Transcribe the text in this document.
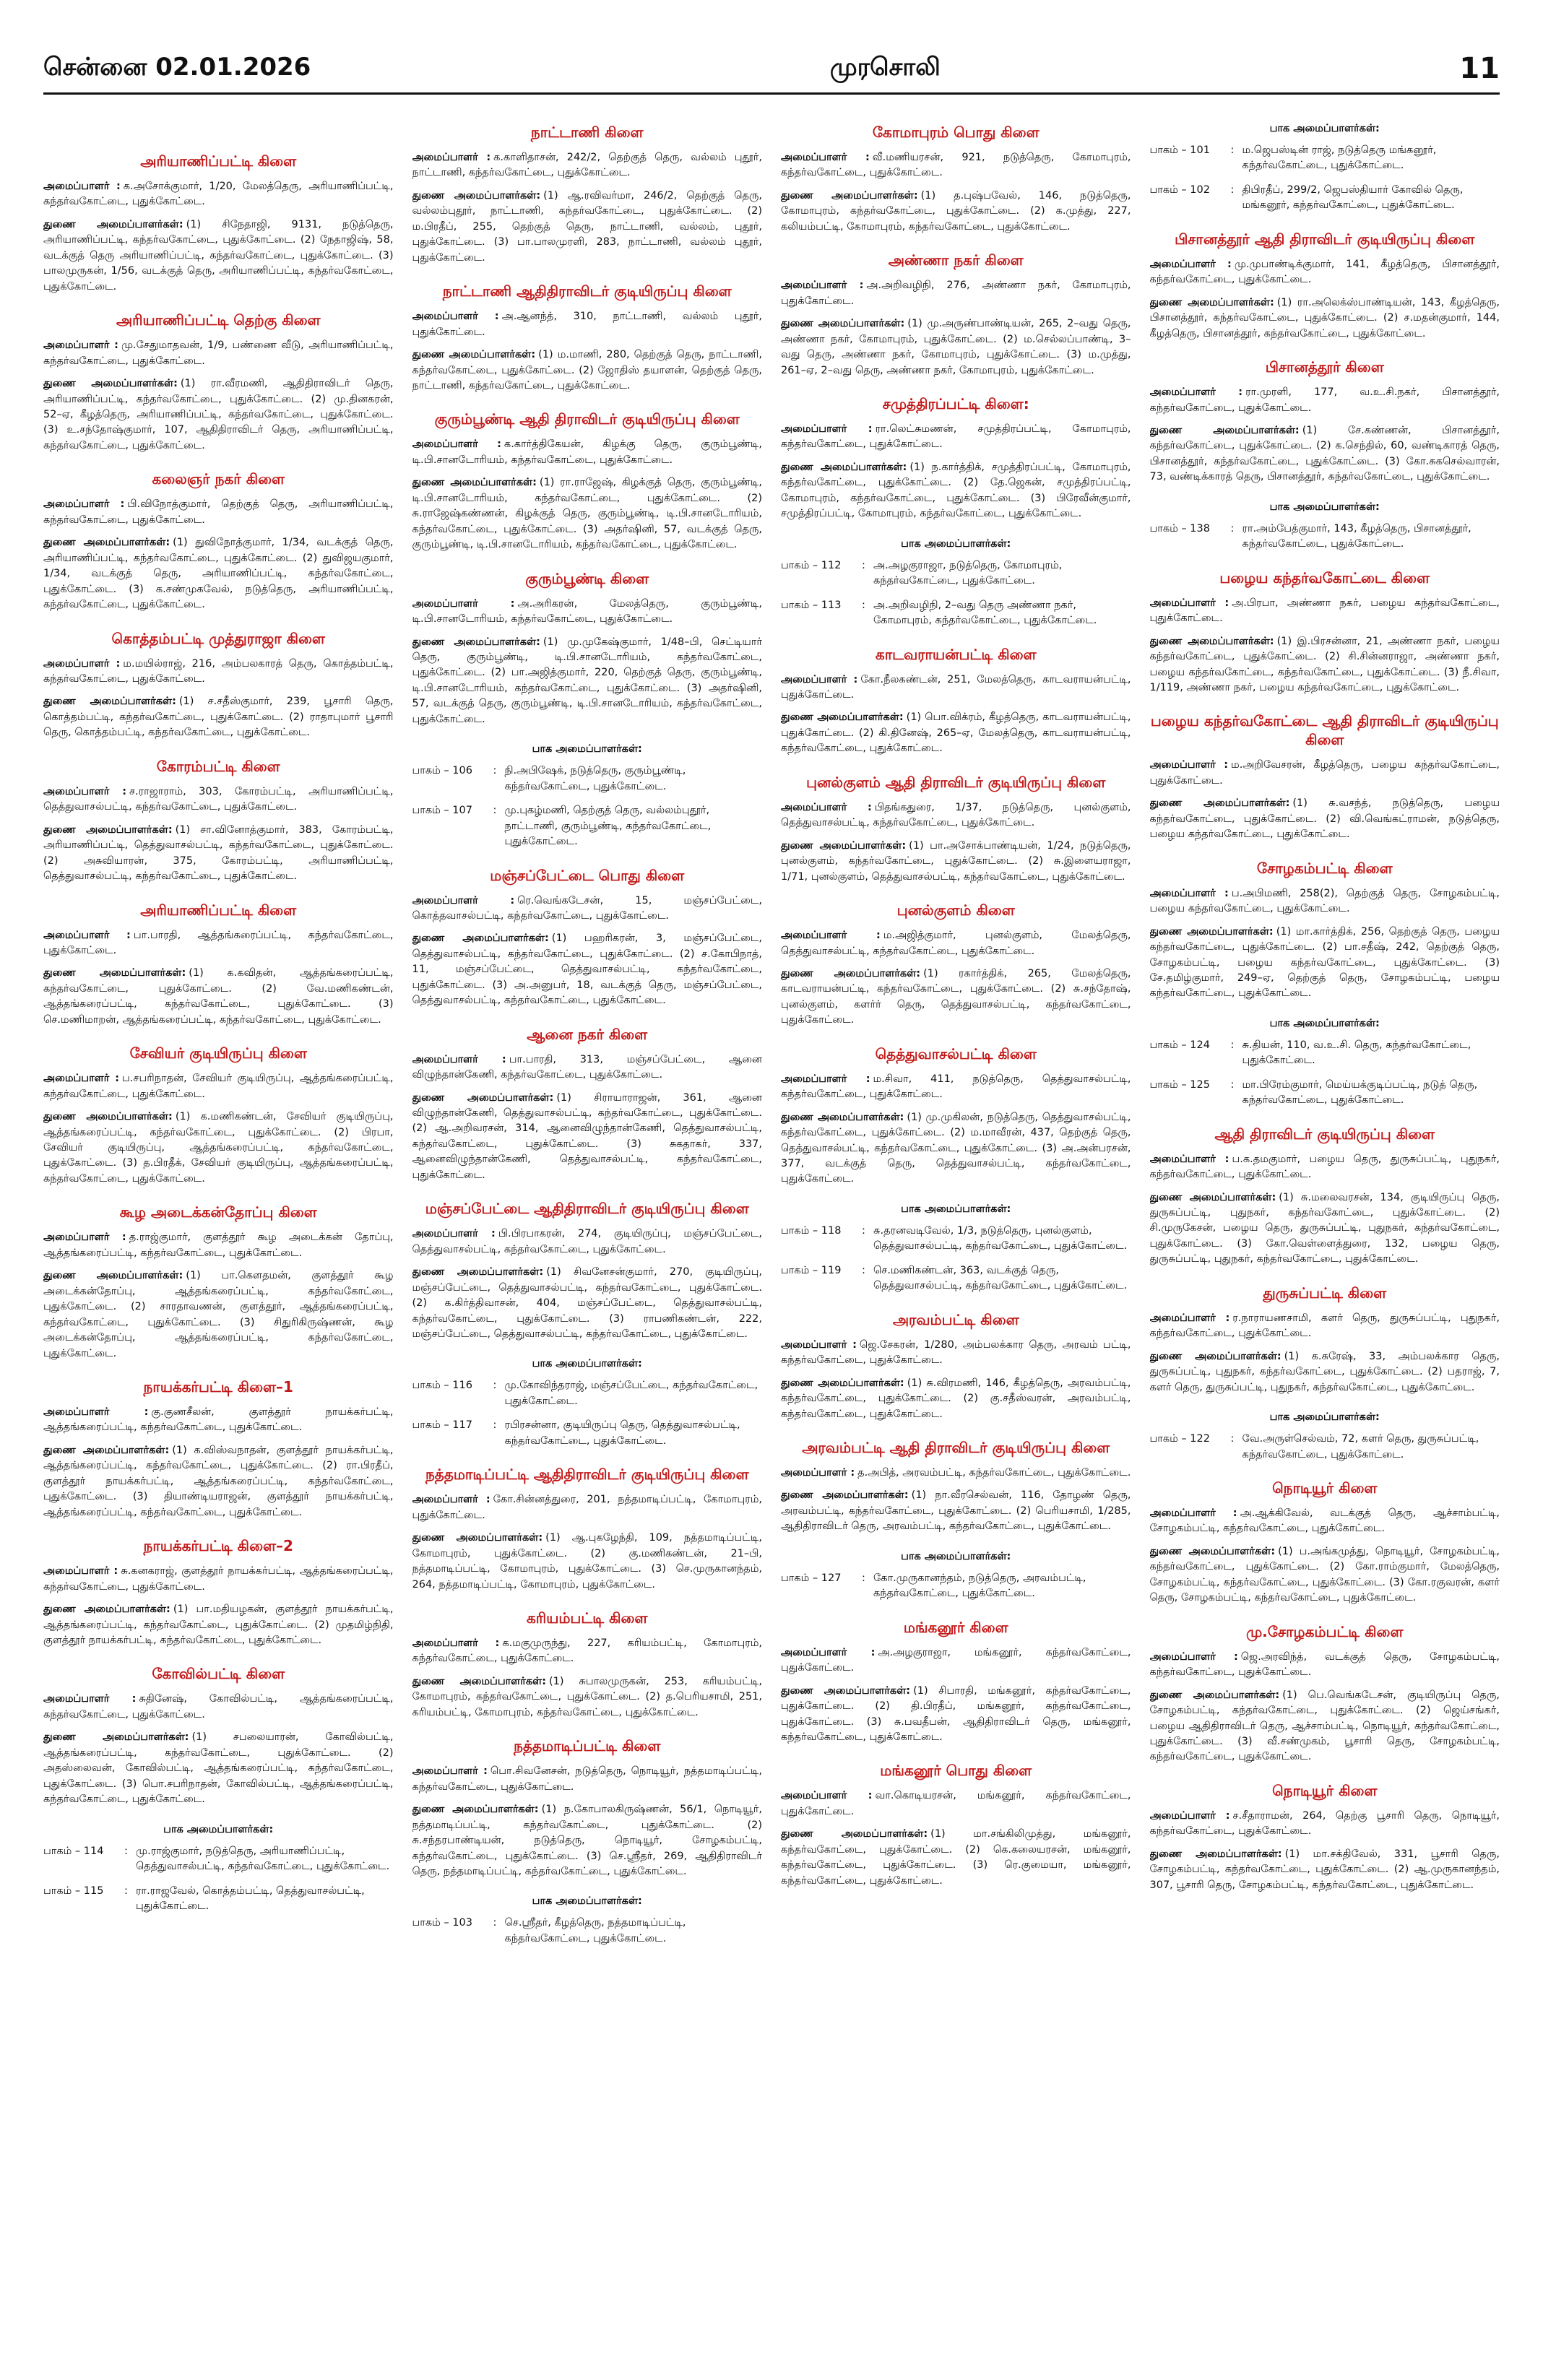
சென்னை 02.01.2026	முரசொலி	11
அரியாணிப்பட்டி கிளை

அமைப்பாளர் : க.அசோக்குமார், 1/20, மேலத்தெரு, அரியாணிப்பட்டி, கந்தர்வகோட்டை, புதுக்கோட்டை.

துணை அமைப்பாளர்கள்: (1) சிநேதாஜி, 9131, நடுத்தெரு, அரியாணிப்பட்டி, கந்தர்வகோட்டை, புதுக்கோட்டை. (2) நேதாஜிஷ், 58, வடக்குத் தெரு அரியாணிப்பட்டி, கந்தர்வகோட்டை, புதுக்கோட்டை. (3) பாலமுருகன், 1/56, வடக்குத் தெரு, அரியாணிப்பட்டி, கந்தர்வகோட்டை, புதுக்கோட்டை.

அரியாணிப்பட்டி தெற்கு கிளை

அமைப்பாளர் : மு.சேதுமாதவன், 1/9, பண்ணை வீடு, அரியாணிப்பட்டி, கந்தர்வகோட்டை, புதுக்கோட்டை.

துணை அமைப்பாளர்கள்: (1) ரா.வீரமணி, ஆதிதிராவிடர் தெரு, அரியாணிப்பட்டி, கந்தர்வகோட்டை, புதுக்கோட்டை. (2) மு.தினகரன், 52–ஏ, கீழத்தெரு, அரியாணிப்பட்டி, கந்தர்வகோட்டை, புதுக்கோட்டை. (3) உ.சந்தோஷ்குமார், 107, ஆதிதிராவிடர் தெரு, அரியாணிப்பட்டி, கந்தர்வகோட்டை, புதுக்கோட்டை.

கலைஞர் நகர் கிளை

அமைப்பாளர் : பி.விநோத்குமார், தெற்குத் தெரு, அரியாணிப்பட்டி, கந்தர்வகோட்டை, புதுக்கோட்டை.

துணை அமைப்பாளர்கள்: (1) துவிநோத்குமார், 1/34, வடக்குத் தெரு, அரியாணிப்பட்டி, கந்தர்வகோட்டை, புதுக்கோட்டை. (2) துவிஜயகுமார், 1/34, வடக்குத் தெரு, அரியாணிப்பட்டி, கந்தர்வகோட்டை, புதுக்கோட்டை. (3) க.சண்முகவேல், நடுத்தெரு, அரியாணிப்பட்டி, கந்தர்வகோட்டை, புதுக்கோட்டை.

கொத்தம்பட்டி முத்துராஜா கிளை

அமைப்பாளர் : ம.மயில்ராஜ், 216, அம்பலகாரத் தெரு, கொத்தம்பட்டி, கந்தர்வகோட்டை, புதுக்கோட்டை.

துணை அமைப்பாளர்கள்: (1) ச.சதீஸ்குமார், 239, பூசாரி தெரு, கொத்தம்பட்டி, கந்தர்வகோட்டை, புதுக்கோட்டை. (2) ராதாபுமார் பூசாரி தெரு, கொத்தம்பட்டி, கந்தர்வகோட்டை, புதுக்கோட்டை.

கோரம்பட்டி கிளை

அமைப்பாளர் : ச.ராஜாராம், 303, கோரம்பட்டி, அரியாணிப்பட்டி, தெத்துவாசல்பட்டி, கந்தர்வகோட்டை, புதுக்கோட்டை.

துணை அமைப்பாளர்கள்: (1) சா.வினோத்குமார், 383, கோரம்பட்டி, அரியாணிப்பட்டி, தெத்துவாசல்பட்டி, கந்தர்வகோட்டை, புதுக்கோட்டை. (2) அசுவியாரன், 375, கோரம்பட்டி, அரியாணிப்பட்டி, தெத்துவாசல்பட்டி, கந்தர்வகோட்டை, புதுக்கோட்டை.

அரியாணிப்பட்டி கிளை

அமைப்பாளர் : பா.பாரதி, ஆத்தங்கரைப்பட்டி, கந்தர்வகோட்டை, புதுக்கோட்டை.

துணை அமைப்பாளர்கள்: (1) க.கவிதன், ஆத்தங்கரைப்பட்டி, கந்தர்வகோட்டை, புதுக்கோட்டை. (2) வே.மணிகண்டன், ஆத்தங்கரைப்பட்டி, கந்தர்வகோட்டை, புதுக்கோட்டை. (3) செ.மணிமாறன், ஆத்தங்கரைப்பட்டி, கந்தர்வகோட்டை, புதுக்கோட்டை.

சேவியர் குடியிருப்பு கிளை

அமைப்பாளர் : ப.சபரிநாதன், சேவியர் குடியிருப்பு, ஆத்தங்கரைப்பட்டி, கந்தர்வகோட்டை, புதுக்கோட்டை.

துணை அமைப்பாளர்கள்: (1) க.மணிகண்டன், சேவியர் குடியிருப்பு, ஆத்தங்கரைப்பட்டி, கந்தர்வகோட்டை, புதுக்கோட்டை. (2) பிரபா, சேவியர் குடியிருப்பு, ஆத்தங்கரைப்பட்டி, கந்தர்வகோட்டை, புதுக்கோட்டை. (3) த.பிரதீக், சேவியர் குடியிருப்பு, ஆத்தங்கரைப்பட்டி, கந்தர்வகோட்டை, புதுக்கோட்டை.

கூழ அடைக்கன்தோப்பு கிளை

அமைப்பாளர் : த.ராஜ்குமார், குளத்தூர் கூழ அடைக்கன் தோப்பு, ஆத்தங்கரைப்பட்டி, கந்தர்வகோட்டை, புதுக்கோட்டை.

துணை அமைப்பாளர்கள்: (1) பா.கௌதமன், குளத்தூர் கூழ அடைக்கன்தோப்பு, ஆத்தங்கரைப்பட்டி, கந்தர்வகோட்டை, புதுக்கோட்டை. (2) சாரதாவணன், குளத்தூர், ஆத்தங்கரைப்பட்டி, கந்தர்வகோட்டை, புதுக்கோட்டை. (3) சிதுரிகிருஷ்ணன், கூழ அடைக்கன்தோப்பு, ஆத்தங்கரைப்பட்டி, கந்தர்வகோட்டை, புதுக்கோட்டை.

நாயக்கர்பட்டி கிளை–1

அமைப்பாளர் : கு.குணசீலன், குளத்தூர் நாயக்கர்பட்டி, ஆத்தங்கரைப்பட்டி, கந்தர்வகோட்டை, புதுக்கோட்டை.

துணை அமைப்பாளர்கள்: (1) க.விஸ்வநாதன், குளத்தூர் நாயக்கர்பட்டி, ஆத்தங்கரைப்பட்டி, கந்தர்வகோட்டை, புதுக்கோட்டை. (2) ரா.பிரதீப், குளத்தூர் நாயக்கர்பட்டி, ஆத்தங்கரைப்பட்டி, கந்தர்வகோட்டை, புதுக்கோட்டை. (3) தியாண்டியராஜன், குளத்தூர் நாயக்கர்பட்டி, ஆத்தங்கரைப்பட்டி, கந்தர்வகோட்டை, புதுக்கோட்டை.

நாயக்கர்பட்டி கிளை–2

அமைப்பாளர் : சு.கனகராஜ், குளத்தூர் நாயக்கர்பட்டி, ஆத்தங்கரைப்பட்டி, கந்தர்வகோட்டை, புதுக்கோட்டை.

துணை அமைப்பாளர்கள்: (1) பா.மதியழகன், குளத்தூர் நாயக்கர்பட்டி, ஆத்தங்கரைப்பட்டி, கந்தர்வகோட்டை, புதுக்கோட்டை. (2) முதமிழ்நிதி, குளத்தூர் நாயக்கர்பட்டி, கந்தர்வகோட்டை, புதுக்கோட்டை.

கோவில்பட்டி கிளை

அமைப்பாளர் : சுதினேஷ், கோவில்பட்டி, ஆத்தங்கரைப்பட்டி, கந்தர்வகோட்டை, புதுக்கோட்டை.

துணை அமைப்பாளர்கள்: (1) சபலையாரன், கோவில்பட்டி, ஆத்தங்கரைப்பட்டி, கந்தர்வகோட்டை, புதுக்கோட்டை. (2) அதஸ்லைவன், கோவில்பட்டி, ஆத்தங்கரைப்பட்டி, கந்தர்வகோட்டை, புதுக்கோட்டை. (3) பொ.சபரிநாதன், கோவில்பட்டி, ஆத்தங்கரைப்பட்டி, கந்தர்வகோட்டை, புதுக்கோட்டை.

பாக அமைப்பாளர்கள்:
பாகம் – 114	: மு.ராஜ்குமார், நடுத்தெரு, அரியாணிப்பட்டி, தெத்துவாசல்பட்டி, கந்தர்வகோட்டை, புதுக்கோட்டை.
பாகம் – 115	: ரா.ராஜவேல், கொத்தம்பட்டி, தெத்துவாசல்பட்டி, புதுக்கோட்டை.
நாட்டாணி கிளை

அமைப்பாளர் : க.காளிதாசன், 242/2, தெற்குத் தெரு, வல்லம் புதூர், நாட்டாணி, கந்தர்வகோட்டை, புதுக்கோட்டை.

துணை அமைப்பாளர்கள்: (1) ஆ.ரவிவர்மா, 246/2, தெற்குத் தெரு, வல்லம்புதூர், நாட்டாணி, கந்தர்வகோட்டை, புதுக்கோட்டை. (2) ம.பிரதீப், 255, தெற்குத் தெரு, நாட்டாணி, வல்லம், புதூர், புதுக்கோட்டை. (3) பா.பாலமுரளி, 283, நாட்டாணி, வல்லம் புதூர், புதுக்கோட்டை.

நாட்டாணி ஆதிதிராவிடர் குடியிருப்பு கிளை

அமைப்பாளர் : அ.ஆனந்த், 310, நாட்டாணி, வல்லம் புதூர், புதுக்கோட்டை.

துணை அமைப்பாளர்கள்: (1) ம.மாணி, 280, தெற்குத் தெரு, நாட்டாணி, கந்தர்வகோட்டை, புதுக்கோட்டை. (2) ஜோதிஸ் தயாளன், தெற்குத் தெரு, நாட்டாணி, கந்தர்வகோட்டை, புதுக்கோட்டை.

குரும்பூண்டி ஆதி திராவிடர் குடியிருப்பு கிளை

அமைப்பாளர் : க.கார்த்திகேயன், கிழக்கு தெரு, குரும்பூண்டி, டி.பி.சானடோரியம், கந்தர்வகோட்டை, புதுக்கோட்டை.

துணை அமைப்பாளர்கள்: (1) ரா.ராஜேஷ், கிழக்குத் தெரு, குரும்பூண்டி, டி.பி.சானடோரியம், கந்தர்வகோட்டை, புதுக்கோட்டை. (2) சு.ராஜேஷ்கண்ணன், கிழக்குத் தெரு, குரும்பூண்டி, டி.பி.சானடோரியம், கந்தர்வகோட்டை, புதுக்கோட்டை. (3) அதர்ஷினி, 57, வடக்குத் தெரு, குரும்பூண்டி, டி.பி.சானடோரியம், கந்தர்வகோட்டை, புதுக்கோட்டை.

குரும்பூண்டி கிளை

அமைப்பாளர் : அ.அரிகரன், மேலத்தெரு, குரும்பூண்டி, டி.பி.சானடோரியம், கந்தர்வகோட்டை, புதுக்கோட்டை.

துணை அமைப்பாளர்கள்: (1) மு.முகேஷ்குமார், 1/48–பி, செட்டியார் தெரு, குரும்பூண்டி, டி.பி.சானடோரியம், கந்தர்வகோட்டை, புதுக்கோட்டை. (2) பா.அஜித்குமார், 220, தெற்குத் தெரு, குரும்பூண்டி, டி.பி.சானடோரியம், கந்தர்வகோட்டை, புதுக்கோட்டை. (3) அதர்ஷினி, 57, வடக்குத் தெரு, குரும்பூண்டி, டி.பி.சானடோரியம், கந்தர்வகோட்டை, புதுக்கோட்டை.

பாக அமைப்பாளர்கள்:
பாகம் – 106	: நி.அபிஷேக், நடுத்தெரு, குரும்பூண்டி, கந்தர்வகோட்டை, புதுக்கோட்டை.
பாகம் – 107	: மு.புகழ்மணி, தெற்குத் தெரு, வல்லம்புதூர், நாட்டாணி, குரும்பூண்டி, கந்தர்வகோட்டை, புதுக்கோட்டை.
மஞ்சப்பேட்டை பொது கிளை

அமைப்பாளர் : ரெ.வெங்கடேசன், 15, மஞ்சப்பேட்டை, கொத்தவாசல்பட்டி, கந்தர்வகோட்டை, புதுக்கோட்டை.

துணை அமைப்பாளர்கள்: (1) பஹரிகரன், 3, மஞ்சப்பேட்டை, தெத்துவாசல்பட்டி, கந்தர்வகோட்டை, புதுக்கோட்டை. (2) ச.கோபிநாத், 11, மஞ்சப்பேட்டை, தெத்துவாசல்பட்டி, கந்தர்வகோட்டை, புதுக்கோட்டை. (3) அ.அனுபர், 18, வடக்குத் தெரு, மஞ்சப்பேட்டை, தெத்துவாசல்பட்டி, கந்தர்வகோட்டை, புதுக்கோட்டை.

ஆனை நகர் கிளை

அமைப்பாளர் : பா.பாரதி, 313, மஞ்சப்பேட்டை, ஆனை விழுந்தான்கேணி, கந்தர்வகோட்டை, புதுக்கோட்டை.

துணை அமைப்பாளர்கள்: (1) சிராயாராஜன், 361, ஆனை விழுந்தான்கேணி, தெத்துவாசல்பட்டி, கந்தர்வகோட்டை, புதுக்கோட்டை. (2) ஆ.அறிவரசன், 314, ஆனைவிழுந்தான்கேணி, தெத்துவாசல்பட்டி, கந்தர்வகோட்டை, புதுக்கோட்டை. (3) சுகதாகர், 337, ஆனைவிழுந்தான்கேணி, தெத்துவாசல்பட்டி, கந்தர்வகோட்டை, புதுக்கோட்டை.

மஞ்சப்பேட்டை ஆதிதிராவிடர் குடியிருப்பு கிளை

அமைப்பாளர் : பி.பிரபாகரன், 274, குடியிருப்பு, மஞ்சப்பேட்டை, தெத்துவாசல்பட்டி, கந்தர்வகோட்டை, புதுக்கோட்டை.

துணை அமைப்பாளர்கள்: (1) சிவனேசன்குமார், 270, குடியிருப்பு, மஞ்சப்பேட்டை, தெத்துவாசல்பட்டி, கந்தர்வகோட்டை, புதுக்கோட்டை. (2) க.கிர்த்திவாசன், 404, மஞ்சப்பேட்டை, தெத்துவாசல்பட்டி, கந்தர்வகோட்டை, புதுக்கோட்டை. (3) ராபணிகண்டன், 222, மஞ்சப்பேட்டை, தெத்துவாசல்பட்டி, கந்தர்வகோட்டை, புதுக்கோட்டை.

பாக அமைப்பாளர்கள்:
பாகம் – 116	: மு.கோவிந்தராஜ், மஞ்சப்பேட்டை, கந்தர்வகோட்டை, புதுக்கோட்டை.
பாகம் – 117	: ரபிரசன்னா, குடியிருப்பு தெரு, தெத்துவாசல்பட்டி, கந்தர்வகோட்டை, புதுக்கோட்டை.
நத்தமாடிப்பட்டி ஆதிதிராவிடர் குடியிருப்பு கிளை

அமைப்பாளர் : கோ.சின்னத்துரை, 201, நத்தமாடிப்பட்டி, கோமாபுரம், புதுக்கோட்டை.

துணை அமைப்பாளர்கள்: (1) ஆ.புகழேந்தி, 109, நத்தமாடிப்பட்டி, கோமாபுரம், புதுக்கோட்டை. (2) கு.மணிகண்டன், 21–பி, நத்தமாடிப்பட்டி, கோமாபுரம், புதுக்கோட்டை. (3) செ.முருகானந்தம், 264, நத்தமாடிப்பட்டி, கோமாபுரம், புதுக்கோட்டை.

கரியம்பட்டி கிளை

அமைப்பாளர் : க.மகுமுருந்து, 227, கரியம்பட்டி, கோமாபுரம், கந்தர்வகோட்டை, புதுக்கோட்டை.

துணை அமைப்பாளர்கள்: (1) சுபாலமுருகன், 253, கரியம்பட்டி, கோமாபுரம், கந்தர்வகோட்டை, புதுக்கோட்டை. (2) த.பெரியசாமி, 251, கரியம்பட்டி, கோமாபுரம், கந்தர்வகோட்டை, புதுக்கோட்டை.

நத்தமாடிப்பட்டி கிளை

அமைப்பாளர் : பொ.சிவனேசன், நடுத்தெரு, நொடியூர், நத்தமாடிப்பட்டி, கந்தர்வகோட்டை, புதுக்கோட்டை.

துணை அமைப்பாளர்கள்: (1) ந.கோபாலகிருஷ்ணன், 56/1, நொடியூர், நத்தமாடிப்பட்டி, கந்தர்வகோட்டை, புதுக்கோட்டை. (2) சு.சந்தரபாண்டியன், நடுத்தெரு, நொடியூர், சோழகம்பட்டி, கந்தர்வகோட்டை, புதுக்கோட்டை. (3) செ.ஸ்ரீதர், 269, ஆதிதிராவிடர் தெரு, நத்தமாடிப்பட்டி, கந்தர்வகோட்டை, புதுக்கோட்டை.

பாக அமைப்பாளர்கள்:
பாகம் – 103	: செ.ஸ்ரீதர், கீழத்தெரு, நத்தமாடிப்பட்டி, கந்தர்வகோட்டை, புதுக்கோட்டை.
கோமாபுரம் பொது கிளை

அமைப்பாளர் : வீ.மணியரசன், 921, நடுத்தெரு, கோமாபுரம், கந்தர்வகோட்டை, புதுக்கோட்டை.

துணை அமைப்பாளர்கள்: (1) த.புஷ்பவேல், 146, நடுத்தெரு, கோமாபுரம், கந்தர்வகோட்டை, புதுக்கோட்டை. (2) க.முத்து, 227, கலியம்பட்டி, கோமாபுரம், கந்தர்வகோட்டை, புதுக்கோட்டை.

அண்ணா நகர் கிளை

அமைப்பாளர் : அ.அறிவழிநி, 276, அண்ணா நகர், கோமாபுரம், புதுக்கோட்டை.

துணை அமைப்பாளர்கள்: (1) மு.அருண்பாண்டியன், 265, 2–வது தெரு, அண்ணா நகர், கோமாபுரம், புதுக்கோட்டை. (2) ம.செல்லப்பாண்டி, 3–வது தெரு, அண்ணா நகர், கோமாபுரம், புதுக்கோட்டை. (3) ம.முத்து, 261–ஏ, 2–வது தெரு, அண்ணா நகர், கோமாபுரம், புதுக்கோட்டை.

சமுத்திரப்பட்டி கிளை:

அமைப்பாளர் : ரா.லெட்சுமணன், சமுத்திரப்பட்டி, கோமாபுரம், கந்தர்வகோட்டை, புதுக்கோட்டை.

துணை அமைப்பாளர்கள்: (1) ந.கார்த்திக், சமுத்திரப்பட்டி, கோமாபுரம், கந்தர்வகோட்டை, புதுக்கோட்டை. (2) தே.ஜெகன், சமுத்திரப்பட்டி, கோமாபுரம், கந்தர்வகோட்டை, புதுக்கோட்டை. (3) பிரேவீன்குமார், சமுத்திரப்பட்டி, கோமாபுரம், கந்தர்வகோட்டை, புதுக்கோட்டை.

பாக அமைப்பாளர்கள்:
பாகம் – 112	: அ.அழகுராஜா, நடுத்தெரு, கோமாபுரம், கந்தர்வகோட்டை, புதுக்கோட்டை.
பாகம் – 113	: அ.அறிவழிநி, 2–வது தெரு அண்ணா நகர், கோமாபுரம், கந்தர்வகோட்டை, புதுக்கோட்டை.
காடவராயன்பட்டி கிளை

அமைப்பாளர் : கோ.நீலகண்டன், 251, மேலத்தெரு, காடவராயன்பட்டி, புதுக்கோட்டை.

துணை அமைப்பாளர்கள்: (1) பொ.விக்ரம், கீழத்தெரு, காடவராயன்பட்டி, புதுக்கோட்டை. (2) கி.தினேஷ், 265–ஏ, மேலத்தெரு, காடவராயன்பட்டி, கந்தர்வகோட்டை, புதுக்கோட்டை.

புனல்குளம் ஆதி திராவிடர் குடியிருப்பு கிளை

அமைப்பாளர் : பிதங்கதுரை, 1/37, நடுத்தெரு, புனல்குளம், தெத்துவாசல்பட்டி, கந்தர்வகோட்டை, புதுக்கோட்டை.

துணை அமைப்பாளர்கள்: (1) பா.அசோக்பாண்டியன், 1/24, நடுத்தெரு, புனல்குளம், கந்தர்வகோட்டை, புதுக்கோட்டை. (2) சு.இளையராஜா, 1/71, புனல்குளம், தெத்துவாசல்பட்டி, கந்தர்வகோட்டை, புதுக்கோட்டை.

புனல்குளம் கிளை

அமைப்பாளர் : ம.அஜித்குமார், புனல்குளம், மேலத்தெரு, தெத்துவாசல்பட்டி, கந்தர்வகோட்டை, புதுக்கோட்டை.

துணை அமைப்பாளர்கள்: (1) ரகார்த்திக், 265, மேலத்தெரு, காடவராயன்பட்டி, கந்தர்வகோட்டை, புதுக்கோட்டை. (2) சு.சந்தோஷ், புனல்குளம், களர்ர் தெரு, தெத்துவாசல்பட்டி, கந்தர்வகோட்டை, புதுக்கோட்டை.

தெத்துவாசல்பட்டி கிளை

அமைப்பாளர் : ம.சிவா, 411, நடுத்தெரு, தெத்துவாசல்பட்டி, கந்தர்வகோட்டை, புதுக்கோட்டை.

துணை அமைப்பாளர்கள்: (1) மு.முகிலன், நடுத்தெரு, தெத்துவாசல்பட்டி, கந்தர்வகோட்டை, புதுக்கோட்டை. (2) ம.மாவீரன், 437, தெற்குத் தெரு, தெத்துவாசல்பட்டி, கந்தர்வகோட்டை, புதுக்கோட்டை. (3) அ.அன்பரசன், 377, வடக்குத் தெரு, தெத்துவாசல்பட்டி, கந்தர்வகோட்டை, புதுக்கோட்டை.

பாக அமைப்பாளர்கள்:
பாகம் – 118	: சு.தரனவடிவேல், 1/3, நடுத்தெரு, புனல்குளம், தெத்துவாசல்பட்டி, கந்தர்வகோட்டை, புதுக்கோட்டை.
பாகம் – 119	: செ.மணிகண்டன், 363, வடக்குத் தெரு, தெத்துவாசல்பட்டி, கந்தர்வகோட்டை, புதுக்கோட்டை.
அரவம்பட்டி கிளை

அமைப்பாளர் : ஜெ.சேகரன், 1/280, அம்பலக்கார தெரு, அரவம் பட்டி, கந்தர்வகோட்டை, புதுக்கோட்டை.

துணை அமைப்பாளர்கள்: (1) சு.விரமணி, 146, கீழத்தெரு, அரவம்பட்டி, கந்தர்வகோட்டை, புதுக்கோட்டை. (2) கு.சதீஸ்வரன், அரவம்பட்டி, கந்தர்வகோட்டை, புதுக்கோட்டை.

அரவம்பட்டி ஆதி திராவிடர் குடியிருப்பு கிளை

அமைப்பாளர் : த.அபித், அரவம்பட்டி, கந்தர்வகோட்டை, புதுக்கோட்டை.

துணை அமைப்பாளர்கள்: (1) நா.வீரசெல்வன், 116, தோழண் தெரு, அரவம்பட்டி, கந்தர்வகோட்டை, புதுக்கோட்டை. (2) பெரியசாமி, 1/285, ஆதிதிராவிடர் தெரு, அரவம்பட்டி, கந்தர்வகோட்டை, புதுக்கோட்டை.

பாக அமைப்பாளர்கள்:
பாகம் – 127	: கோ.முருகானந்தம், நடுத்தெரு, அரவம்பட்டி, கந்தர்வகோட்டை, புதுக்கோட்டை.
மங்கனூர் கிளை

அமைப்பாளர் : அ.அழகுராஜா, மங்கனூர், கந்தர்வகோட்டை, புதுக்கோட்டை.

துணை அமைப்பாளர்கள்: (1) சிபாரதி, மங்கனூர், கந்தர்வகோட்டை, புதுக்கோட்டை. (2) தி.பிரதீப், மங்கனூர், கந்தர்வகோட்டை, புதுக்கோட்டை. (3) சு.பவதீபன், ஆதிதிராவிடர் தெரு, மங்கனூர், கந்தர்வகோட்டை, புதுக்கோட்டை.

மங்கனூர் பொது கிளை

அமைப்பாளர் : வா.கொடியரசன், மங்கனூர், கந்தர்வகோட்டை, புதுக்கோட்டை.

துணை அமைப்பாளர்கள்: (1) மா.சங்கிலிமுத்து, மங்கனூர், கந்தர்வகோட்டை, புதுக்கோட்டை. (2) கெ.கலையரசன், மங்கனூர், கந்தர்வகோட்டை, புதுக்கோட்டை. (3) ரெ.குமையா, மங்கனூர், கந்தர்வகோட்டை, புதுக்கோட்டை.

பாக அமைப்பாளர்கள்:
பாகம் – 101	: ம.ஜெபஸ்டின் ராஜ், நடுத்தெரு மங்கனூர், கந்தர்வகோட்டை, புதுக்கோட்டை.
பாகம் – 102	: திபிரதீப், 299/2, ஜெபஸ்தியார் கோவில் தெரு, மங்கனூர், கந்தர்வகோட்டை, புதுக்கோட்டை.
பிசானத்தூர் ஆதி திராவிடர் குடியிருப்பு கிளை

அமைப்பாளர் : மு.முபாண்டிக்குமார், 141, கீழத்தெரு, பிசானத்தூர், கந்தர்வகோட்டை, புதுக்கோட்டை.

துணை அமைப்பாளர்கள்: (1) ரா.அலெக்ஸ்பாண்டியன், 143, கீழத்தெரு, பிசானத்தூர், கந்தர்வகோட்டை, புதுக்கோட்டை. (2) ச.மதன்குமார், 144, கீழத்தெரு, பிசானத்தூர், கந்தர்வகோட்டை, புதுக்கோட்டை.

பிசானத்தூர் கிளை

அமைப்பாளர் : ரா.முரளி, 177, வ.உ.சி.நகர், பிசானத்தூர், கந்தர்வகோட்டை, புதுக்கோட்டை.

துணை அமைப்பாளர்கள்: (1) சே.கண்ணன், பிசானத்தூர், கந்தர்வகோட்டை, புதுக்கோட்டை. (2) க.செந்தில், 60, வண்டிகாரத் தெரு, பிசானத்தூர், கந்தர்வகோட்டை, புதுக்கோட்டை. (3) கோ.சுகசெல்வாரன், 73, வண்டிக்காரத் தெரு, பிசானத்தூர், கந்தர்வகோட்டை, புதுக்கோட்டை.

பாக அமைப்பாளர்கள்:
பாகம் – 138	: ரா.அம்பேத்குமார், 143, கீழத்தெரு, பிசானத்தூர், கந்தர்வகோட்டை, புதுக்கோட்டை.
பழைய கந்தர்வகோட்டை கிளை

அமைப்பாளர் : அ.பிரபா, அண்ணா நகர், பழைய கந்தர்வகோட்டை, புதுக்கோட்டை.

துணை அமைப்பாளர்கள்: (1) இ.பிரசன்னா, 21, அண்ணா நகர், பழைய கந்தர்வகோட்டை, புதுக்கோட்டை. (2) சி.சின்னராஜா, அண்ணா நகர், பழைய கந்தர்வகோட்டை, கந்தர்வகோட்டை, புதுக்கோட்டை. (3) நீ.சிவா, 1/119, அண்ணா நகர், பழைய கந்தர்வகோட்டை, புதுக்கோட்டை.

பழைய கந்தர்வகோட்டை ஆதி திராவிடர் குடியிருப்பு கிளை

அமைப்பாளர் : ம.அறிவேசரன், கீழத்தெரு, பழைய கந்தர்வகோட்டை, புதுக்கோட்டை.

துணை அமைப்பாளர்கள்: (1) சு.வசந்த், நடுத்தெரு, பழைய கந்தர்வகோட்டை, புதுக்கோட்டை. (2) வி.வெங்கட்ராமன், நடுத்தெரு, பழைய கந்தர்வகோட்டை, புதுக்கோட்டை.

சோழகம்பட்டி கிளை

அமைப்பாளர் : ப.அபிமணி, 258(2), தெற்குத் தெரு, சோழகம்பட்டி, பழைய கந்தர்வகோட்டை, புதுக்கோட்டை.

துணை அமைப்பாளர்கள்: (1) மா.கார்த்திக், 256, தெற்குத் தெரு, பழைய கந்தர்வகோட்டை, புதுக்கோட்டை. (2) பா.சதீஷ், 242, தெற்குத் தெரு, சோழகம்பட்டி, பழைய கந்தர்வகோட்டை, புதுக்கோட்டை. (3) சே.தமிழ்குமார், 249–ஏ, தெற்குத் தெரு, சோழகம்பட்டி, பழைய கந்தர்வகோட்டை, புதுக்கோட்டை.

பாக அமைப்பாளர்கள்:
பாகம் – 124	: சு.தியன், 110, வ.உ.சி. தெரு, கந்தர்வகோட்டை, புதுக்கோட்டை.
பாகம் – 125	: மா.பிரேம்குமார், மெய்யக்குடிப்பட்டி, நடுத் தெரு, கந்தர்வகோட்டை, புதுக்கோட்டை.
ஆதி திராவிடர் குடியிருப்பு கிளை

அமைப்பாளர் : ப.க.தமகுமார், பழைய தெரு, துருசுப்பட்டி, புதுநகர், கந்தர்வகோட்டை, புதுக்கோட்டை.

துணை அமைப்பாளர்கள்: (1) சு.மலைவரசன், 134, குடியிருப்பு தெரு, துருசுப்பட்டி, புதுநகர், கந்தர்வகோட்டை, புதுக்கோட்டை. (2) சி.முருகேசன், பழைய தெரு, துருசுப்பட்டி, புதுநகர், கந்தர்வகோட்டை, புதுக்கோட்டை. (3) கோ.வெள்ளைத்துரை, 132, பழைய தெரு, துருசுப்பட்டி, புதுநகர், கந்தர்வகோட்டை, புதுக்கோட்டை.

துருசுப்பட்டி கிளை

அமைப்பாளர் : ர.நாராயணசாமி, களர் தெரு, துருசுப்பட்டி, புதுநகர், கந்தர்வகோட்டை, புதுக்கோட்டை.

துணை அமைப்பாளர்கள்: (1) க.சுரேஷ், 33, அம்பலக்கார தெரு, துருசுப்பட்டி, புதுநகர், கந்தர்வகோட்டை, புதுக்கோட்டை. (2) பதராஜ், 7, களர் தெரு, துருசுப்பட்டி, புதுநகர், கந்தர்வகோட்டை, புதுக்கோட்டை.

பாக அமைப்பாளர்கள்:
பாகம் – 122	: வே.அருள்செல்வம், 72, களர் தெரு, துருசுப்பட்டி, கந்தர்வகோட்டை, புதுக்கோட்டை.
நொடியூர் கிளை

அமைப்பாளர் : அ.ஆக்கிவேல், வடக்குத் தெரு, ஆச்சாம்பட்டி, சோழகம்பட்டி, கந்தர்வகோட்டை, புதுக்கோட்டை.

துணை அமைப்பாளர்கள்: (1) ப.அங்கமுத்து, நொடியூர், சோழகம்பட்டி, கந்தர்வகோட்டை, புதுக்கோட்டை. (2) கோ.ராம்குமார், மேலத்தெரு, சோழகம்பட்டி, கந்தர்வகோட்டை, புதுக்கோட்டை. (3) கோ.ரகுவரன், களர் தெரு, சோழகம்பட்டி, கந்தர்வகோட்டை, புதுக்கோட்டை.

மு.சோழகம்பட்டி கிளை

அமைப்பாளர் : ஜெ.அரவிந்த், வடக்குத் தெரு, சோழகம்பட்டி, கந்தர்வகோட்டை, புதுக்கோட்டை.

துணை அமைப்பாளர்கள்: (1) பெ.வெங்கடேசன், குடியிருப்பு தெரு, சோழகம்பட்டி, கந்தர்வகோட்டை, புதுக்கோட்டை. (2) ஜெய்சங்கர், பழைய ஆதிதிராவிடர் தெரு, ஆச்சாம்பட்டி, நொடியூர், கந்தர்வகோட்டை, புதுக்கோட்டை. (3) வீ.சண்முகம், பூசாரி தெரு, சோழகம்பட்டி, கந்தர்வகோட்டை, புதுக்கோட்டை.

நொடியூர் கிளை

அமைப்பாளர் : ச.சீதாராமன், 264, தெற்கு பூசாரி தெரு, நொடியூர், கந்தர்வகோட்டை, புதுக்கோட்டை.

துணை அமைப்பாளர்கள்: (1) மா.சக்திவேல், 331, பூசாரி தெரு, சோழகம்பட்டி, கந்தர்வகோட்டை, புதுக்கோட்டை. (2) ஆ.முருகானந்தம், 307, பூசாரி தெரு, சோழகம்பட்டி, கந்தர்வகோட்டை, புதுக்கோட்டை.
